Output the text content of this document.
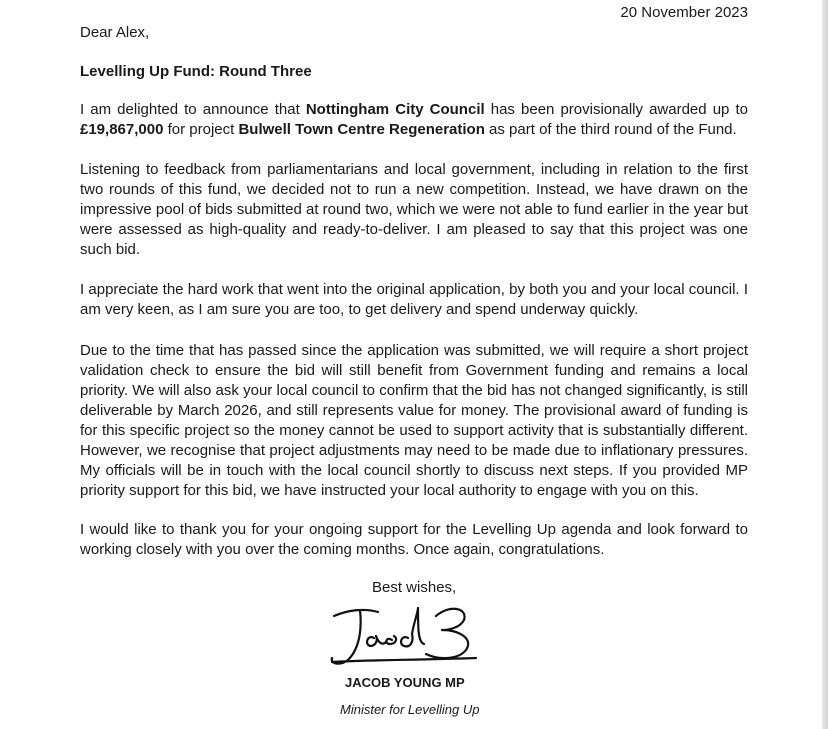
20 November 2023
Dear Alex,
Levelling Up Fund: Round Three

I am delighted to announce that Nottingham City Council has been provisionally awarded up to £19,867,000 for project Bulwell Town Centre Regeneration as part of the third round of the Fund.

Listening to feedback from parliamentarians and local government, including in relation to the first two rounds of this fund, we decided not to run a new competition. Instead, we have drawn on the impressive pool of bids submitted at round two, which we were not able to fund earlier in the year but were assessed as high-quality and ready-to-deliver. I am pleased to say that this project was one such bid.

I appreciate the hard work that went into the original application, by both you and your local council. I am very keen, as I am sure you are too, to get delivery and spend underway quickly.

Due to the time that has passed since the application was submitted, we will require a short project validation check to ensure the bid will still benefit from Government funding and remains a local priority. We will also ask your local council to confirm that the bid has not changed significantly, is still deliverable by March 2026, and still represents value for money. The provisional award of funding is for this specific project so the money cannot be used to support activity that is substantially different. However, we recognise that project adjustments may need to be made due to inflationary pressures. My officials will be in touch with the local council shortly to discuss next steps. If you provided MP priority support for this bid, we have instructed your local authority to engage with you on this.

I would like to thank you for your ongoing support for the Levelling Up agenda and look forward to working closely with you over the coming months. Once again, congratulations.

Best wishes,
JACOB YOUNG MP
Minister for Levelling Up
